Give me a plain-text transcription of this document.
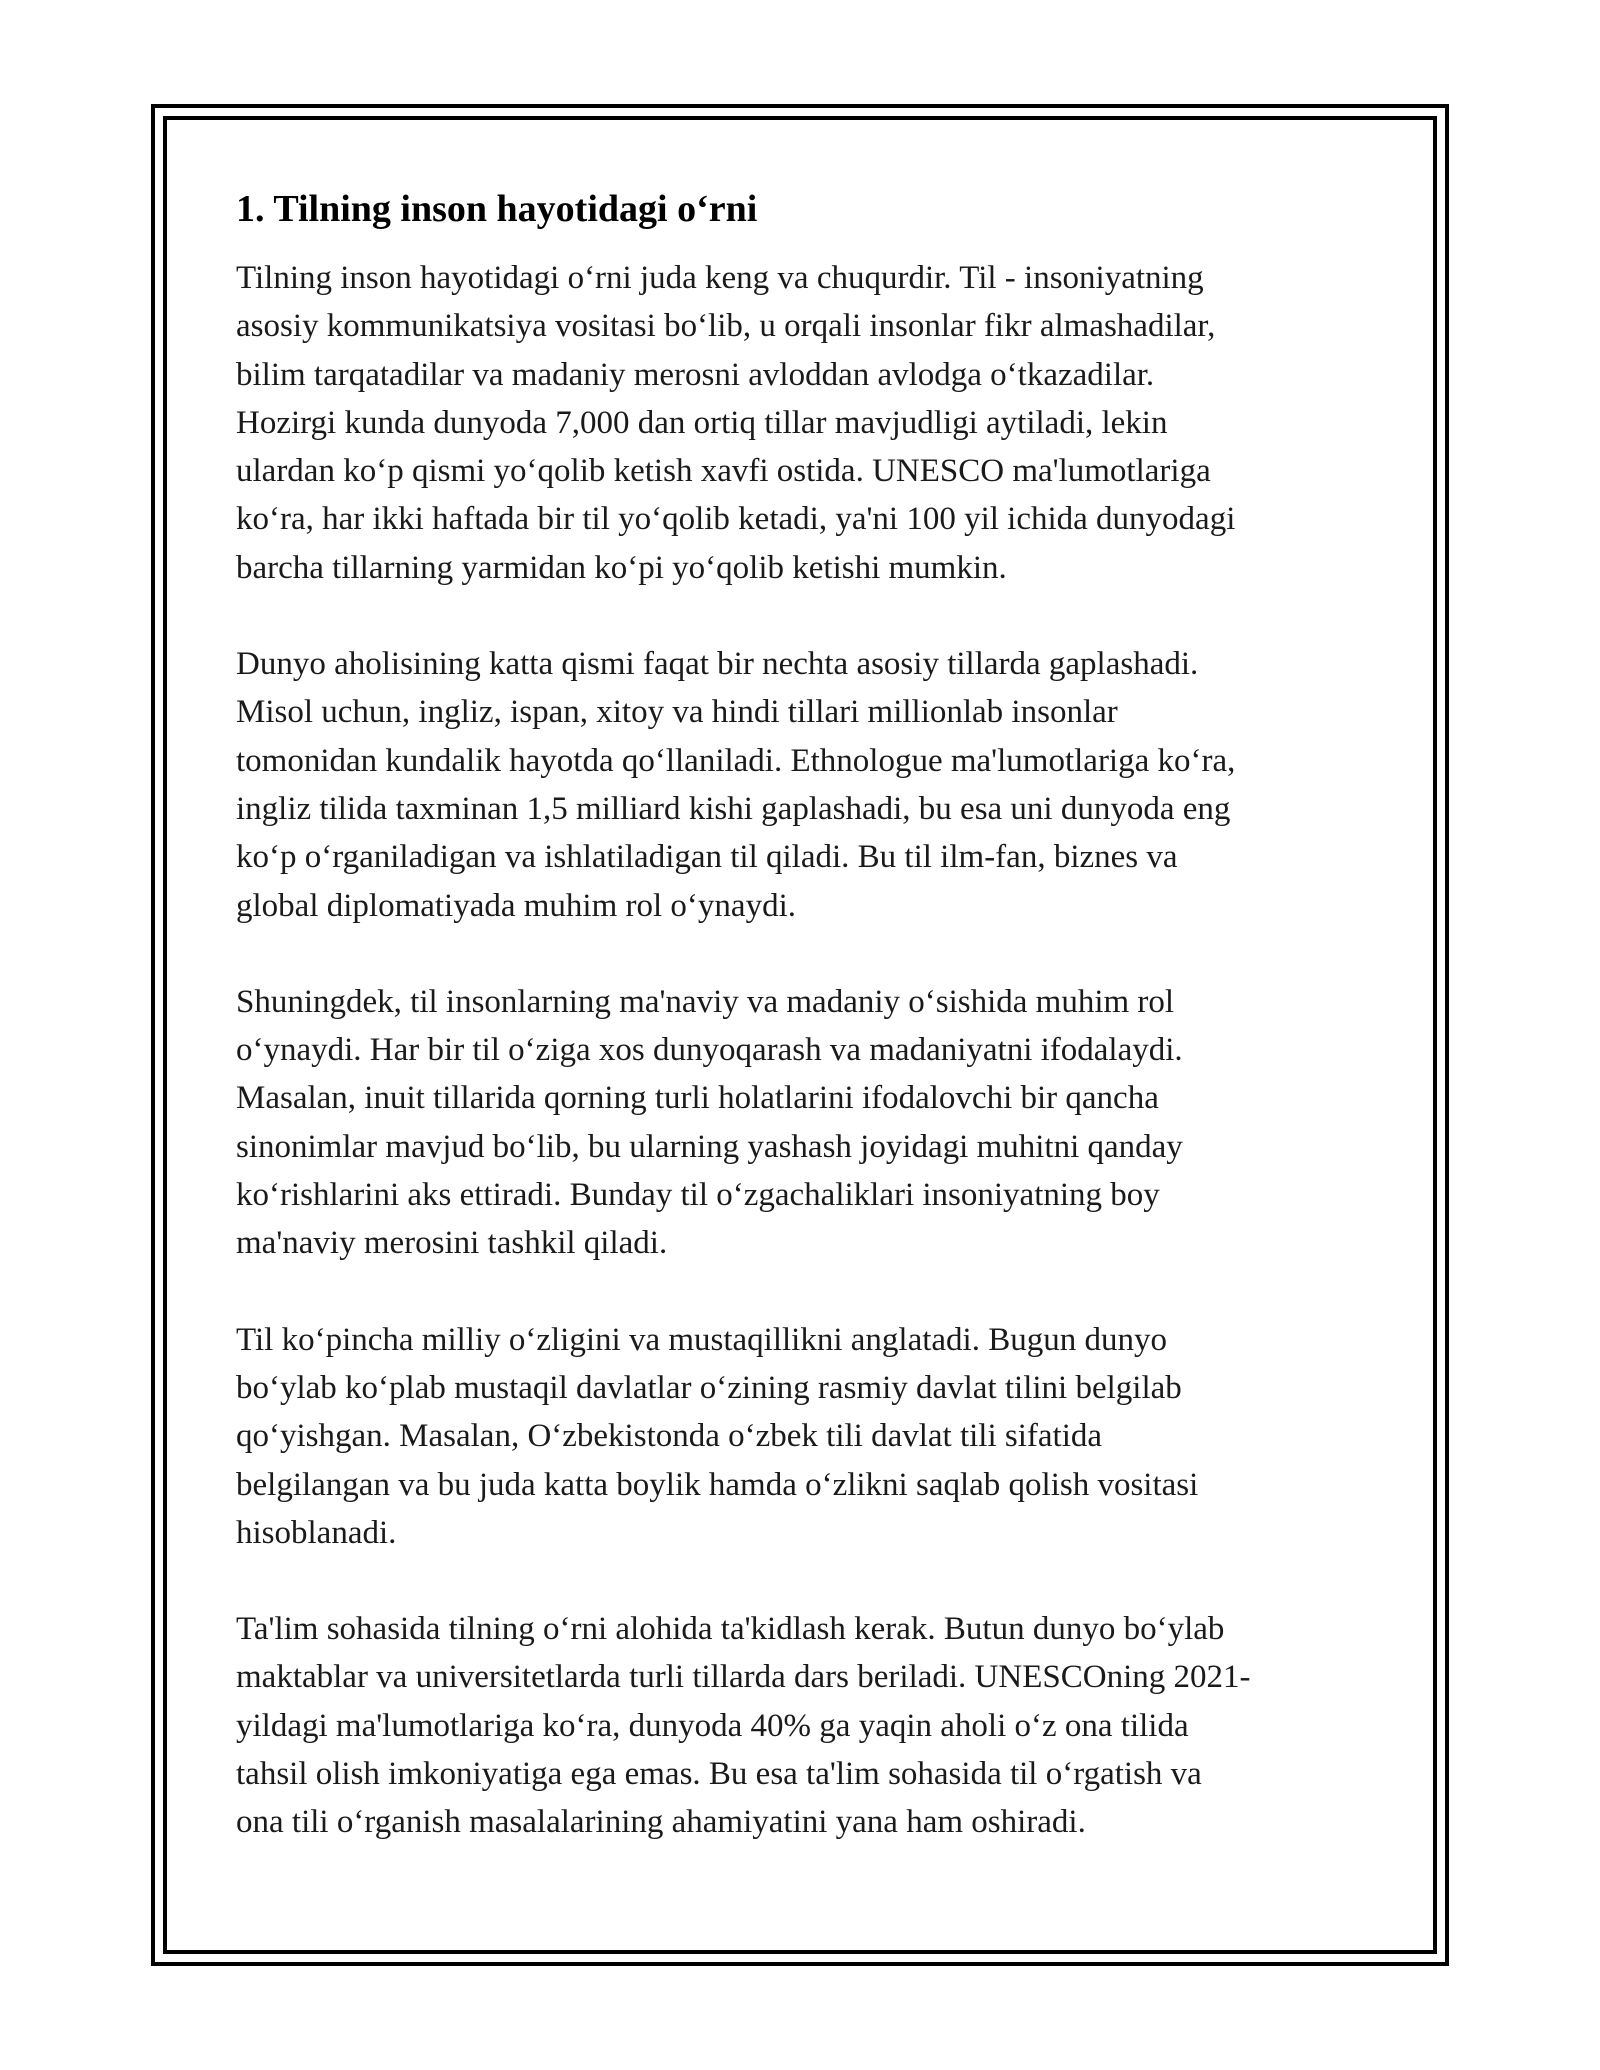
1. Tilning inson hayotidagi o‘rni

Tilning inson hayotidagi o‘rni juda keng va chuqurdir. Til - insoniyatning
asosiy kommunikatsiya vositasi bo‘lib, u orqali insonlar fikr almashadilar,
bilim tarqatadilar va madaniy merosni avloddan avlodga o‘tkazadilar.
Hozirgi kunda dunyoda 7,000 dan ortiq tillar mavjudligi aytiladi, lekin
ulardan ko‘p qismi yo‘qolib ketish xavfi ostida. UNESCO ma'lumotlariga
ko‘ra, har ikki haftada bir til yo‘qolib ketadi, ya'ni 100 yil ichida dunyodagi
barcha tillarning yarmidan ko‘pi yo‘qolib ketishi mumkin.

Dunyo aholisining katta qismi faqat bir nechta asosiy tillarda gaplashadi.
Misol uchun, ingliz, ispan, xitoy va hindi tillari millionlab insonlar
tomonidan kundalik hayotda qo‘llaniladi. Ethnologue ma'lumotlariga ko‘ra,
ingliz tilida taxminan 1,5 milliard kishi gaplashadi, bu esa uni dunyoda eng
ko‘p o‘rganiladigan va ishlatiladigan til qiladi. Bu til ilm-fan, biznes va
global diplomatiyada muhim rol o‘ynaydi.

Shuningdek, til insonlarning ma'naviy va madaniy o‘sishida muhim rol
o‘ynaydi. Har bir til o‘ziga xos dunyoqarash va madaniyatni ifodalaydi.
Masalan, inuit tillarida qorning turli holatlarini ifodalovchi bir qancha
sinonimlar mavjud bo‘lib, bu ularning yashash joyidagi muhitni qanday
ko‘rishlarini aks ettiradi. Bunday til o‘zgachaliklari insoniyatning boy
ma'naviy merosini tashkil qiladi.

Til ko‘pincha milliy o‘zligini va mustaqillikni anglatadi. Bugun dunyo
bo‘ylab ko‘plab mustaqil davlatlar o‘zining rasmiy davlat tilini belgilab
qo‘yishgan. Masalan, O‘zbekistonda o‘zbek tili davlat tili sifatida
belgilangan va bu juda katta boylik hamda o‘zlikni saqlab qolish vositasi
hisoblanadi.

Ta'lim sohasida tilning o‘rni alohida ta'kidlash kerak. Butun dunyo bo‘ylab
maktablar va universitetlarda turli tillarda dars beriladi. UNESCOning 2021-
yildagi ma'lumotlariga ko‘ra, dunyoda 40% ga yaqin aholi o‘z ona tilida
tahsil olish imkoniyatiga ega emas. Bu esa ta'lim sohasida til o‘rgatish va
ona tili o‘rganish masalalarining ahamiyatini yana ham oshiradi.
